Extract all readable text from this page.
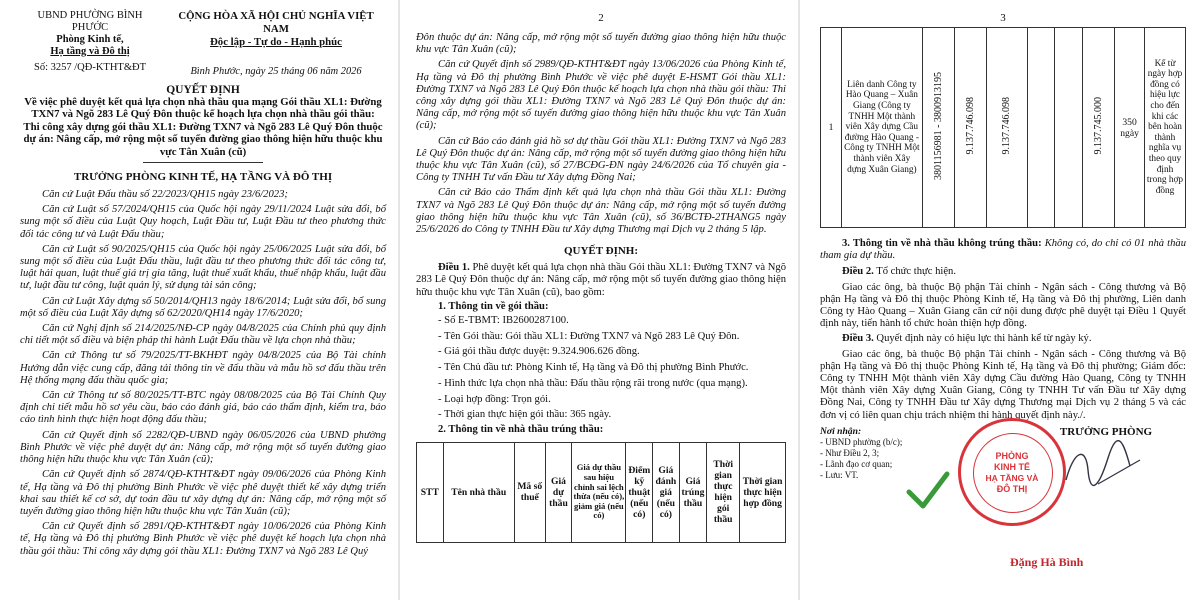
UBND PHƯỜNG BÌNH PHƯỚC

Phòng Kinh tế,

Hạ tầng và Đô thị

Số: 3257 /QĐ-KTHT&ĐT

CỘNG HÒA XÃ HỘI CHỦ NGHĨA VIỆT NAM

Độc lập - Tự do - Hạnh phúc

Bình Phước, ngày 25 tháng 06 năm 2026

QUYẾT ĐỊNH

Về việc phê duyệt kết quả lựa chọn nhà thầu qua mạng Gói thầu XL1: Đường TXN7 và Ngõ 283 Lê Quý Đôn thuộc kế hoạch lựa chọn nhà thầu gói thầu: Thi công xây dựng gói thầu XL1: Đường TXN7 và Ngõ 283 Lê Quý Đôn thuộc dự án: Nâng cấp, mở rộng một số tuyến đường giao thông hiện hữu thuộc khu vực Tân Xuân (cũ)

TRƯỞNG PHÒNG KINH TẾ, HẠ TẦNG VÀ ĐÔ THỊ

Căn cứ Luật Đấu thầu số 22/2023/QH15 ngày 23/6/2023;

Căn cứ Luật số 57/2024/QH15 của Quốc hội ngày 29/11/2024 Luật sửa đổi, bổ sung một số điều của Luật Quy hoạch, Luật Đầu tư, Luật Đầu tư theo phương thức đối tác công tư và Luật Đấu thầu;

Căn cứ Luật số 90/2025/QH15 của Quốc hội ngày 25/06/2025 Luật sửa đổi, bổ sung một số điều của Luật Đấu thầu, luật đầu tư theo phương thức đối tác công tư, luật hải quan, luật thuế giá trị gia tăng, luật thuế xuất khẩu, thuế nhập khẩu, luật đầu tư, luật đầu tư công, luật quản lý, sử dụng tài sản công;

Căn cứ Luật Xây dựng số 50/2014/QH13 ngày 18/6/2014; Luật sửa đổi, bổ sung một số điều của Luật Xây dựng số 62/2020/QH14 ngày 17/6/2020;

Căn cứ Nghị định số 214/2025/NĐ-CP ngày 04/8/2025 của Chính phủ quy định chi tiết một số điều và biện pháp thi hành Luật Đấu thầu về lựa chọn nhà thầu;

Căn cứ Thông tư số 79/2025/TT-BKHĐT ngày 04/8/2025 của Bộ Tài chính Hướng dẫn việc cung cấp, đăng tải thông tin về đấu thầu và mẫu hồ sơ đấu thầu trên Hệ thống mạng đấu thầu quốc gia;

Căn cứ Thông tư số 80/2025/TT-BTC ngày 08/08/2025 của Bộ Tài Chính Quy định chi tiết mẫu hồ sơ yêu cầu, báo cáo đánh giá, báo cáo thẩm định, kiểm tra, báo cáo tình hình thực hiện hoạt động đấu thầu;

Căn cứ Quyết định số 2282/QĐ-UBND ngày 06/05/2026 của UBND phường Bình Phước về việc phê duyệt dự án: Nâng cấp, mở rộng một số tuyến đường giao thông hiện hữu thuộc khu vực Tân Xuân (cũ);

Căn cứ Quyết định số 2874/QĐ-KTHT&ĐT ngày 09/06/2026 của Phòng Kinh tế, Hạ tầng và Đô thị phường Bình Phước về việc phê duyệt thiết kế xây dựng triển khai sau thiết kế cơ sở, dự toán đầu tư xây dựng dự án: Nâng cấp, mở rộng một số tuyến đường giao thông hiện hữu thuộc khu vực Tân Xuân (cũ);

Căn cứ Quyết định số 2891/QĐ-KTHT&ĐT ngày 10/06/2026 của Phòng Kinh tế, Hạ tầng và Đô thị phường Bình Phước về việc phê duyệt kế hoạch lựa chọn nhà thầu gói thầu: Thi công xây dựng gói thầu XL1: Đường TXN7 và Ngõ 283 Lê Quý

2

Đôn thuộc dự án: Nâng cấp, mở rộng một số tuyến đường giao thông hiện hữu thuộc khu vực Tân Xuân (cũ);

Căn cứ Quyết định số 2989/QĐ-KTHT&ĐT ngày 13/06/2026 của Phòng Kinh tế, Hạ tầng và Đô thị phường Bình Phước về việc phê duyệt E-HSMT Gói thầu XL1: Đường TXN7 và Ngõ 283 Lê Quý Đôn thuộc kế hoạch lựa chọn nhà thầu gói thầu: Thi công xây dựng gói thầu XL1: Đường TXN7 và Ngõ 283 Lê Quý Đôn thuộc dự án: Nâng cấp, mở rộng một số tuyến đường giao thông hiện hữu thuộc khu vực Tân Xuân (cũ);

Căn cứ Báo cáo đánh giá hồ sơ dự thầu Gói thầu XL1: Đường TXN7 và Ngõ 283 Lê Quý Đôn thuộc dự án: Nâng cấp, mở rộng một số tuyến đường giao thông hiện hữu thuộc khu vực Tân Xuân (cũ), số 27/BCĐG-ĐN ngày 24/6/2026 của Tổ chuyên gia - Công ty TNHH Tư vấn Đầu tư Xây dựng Đồng Nai;

Căn cứ Báo cáo Thẩm định kết quả lựa chọn nhà thầu Gói thầu XL1: Đường TXN7 và Ngõ 283 Lê Quý Đôn thuộc dự án: Nâng cấp, mở rộng một số tuyến đường giao thông hiện hữu thuộc khu vực Tân Xuân (cũ), số 36/BCTĐ-2THANG5 ngày 25/6/2026 do Công ty TNHH Đầu tư Xây dựng Thương mại Dịch vụ 2 tháng 5 lập.

QUYẾT ĐỊNH:

Điều 1. Phê duyệt kết quả lựa chọn nhà thầu Gói thầu XL1: Đường TXN7 và Ngõ 283 Lê Quý Đôn thuộc dự án: Nâng cấp, mở rộng một số tuyến đường giao thông hiện hữu thuộc khu vực Tân Xuân (cũ), bao gồm:

1. Thông tin về gói thầu:

- Số E-TBMT: IB2600287100.

- Tên Gói thầu: Gói thầu XL1: Đường TXN7 và Ngõ 283 Lê Quý Đôn.

- Giá gói thầu được duyệt: 9.324.906.626 đồng.

- Tên Chủ đầu tư: Phòng Kinh tế, Hạ tầng và Đô thị phường Bình Phước.

- Hình thức lựa chọn nhà thầu: Đấu thầu rộng rãi trong nước (qua mạng).

- Loại hợp đồng: Trọn gói.

- Thời gian thực hiện gói thầu: 365 ngày.

2. Thông tin về nhà thầu trúng thầu:

STT	Tên nhà thầu	Mã số thuế	Giá dự thầu	Giá dự thầu sau hiệu chỉnh sai lệch thừa (nếu có), giảm giá (nếu có)	Điểm kỹ thuật (nếu có)	Giá đánh giá (nếu có)	Giá trúng thầu	Thời gian thực hiện gói thầu	Thời gian thực hiện hợp đồng

3

1	Liên danh Công ty Hào Quang – Xuân Giang (Công ty TNHH Một thành viên Xây dựng Cầu đường Hào Quang - Công ty TNHH Một thành viên Xây dựng Xuân Giang)	3801156981 - 3800913195	9.137.746.098	9.137.746.098			9.137.745.000	350 ngày	Kể từ ngày hợp đồng có hiệu lực cho đến khi các bên hoàn thành nghĩa vụ theo quy định trong hợp đồng

3. Thông tin về nhà thầu không trúng thầu: Không có, do chỉ có 01 nhà thầu tham gia dự thầu.

Điều 2. Tổ chức thực hiện.

Giao các ông, bà thuộc Bộ phận Tài chính - Ngân sách - Công thương và Bộ phận Hạ tầng và Đô thị thuộc Phòng Kinh tế, Hạ tầng và Đô thị phường, Liên danh Công ty Hào Quang – Xuân Giang căn cứ nội dung được phê duyệt tại Điều 1 Quyết định này, tiến hành tổ chức hoàn thiện hợp đồng.

Điều 3. Quyết định này có hiệu lực thi hành kể từ ngày ký.

Giao các ông, bà thuộc Bộ phận Tài chính - Ngân sách - Công thương và Bộ phận Hạ tầng và Đô thị thuộc Phòng Kinh tế, Hạ tầng và Đô thị phường; Giám đốc: Công ty TNHH Một thành viên Xây dựng Cầu đường Hào Quang, Công ty TNHH Một thành viên Xây dựng Xuân Giang, Công ty TNHH Tư vấn Đầu tư Xây dựng Đồng Nai, Công ty TNHH Đầu tư Xây dựng Thương mại Dịch vụ 2 tháng 5 và các đơn vị có liên quan chịu trách nhiệm thi hành quyết định này./.

Nơi nhận:

- UBND phường (b/c);

- Như Điều 2, 3;

- Lãnh đạo cơ quan;

- Lưu: VT.

TRƯỞNG PHÒNG

Đặng Hà Bình

PHÒNG
KINH TẾ
HẠ TẦNG VÀ
ĐÔ THỊ
